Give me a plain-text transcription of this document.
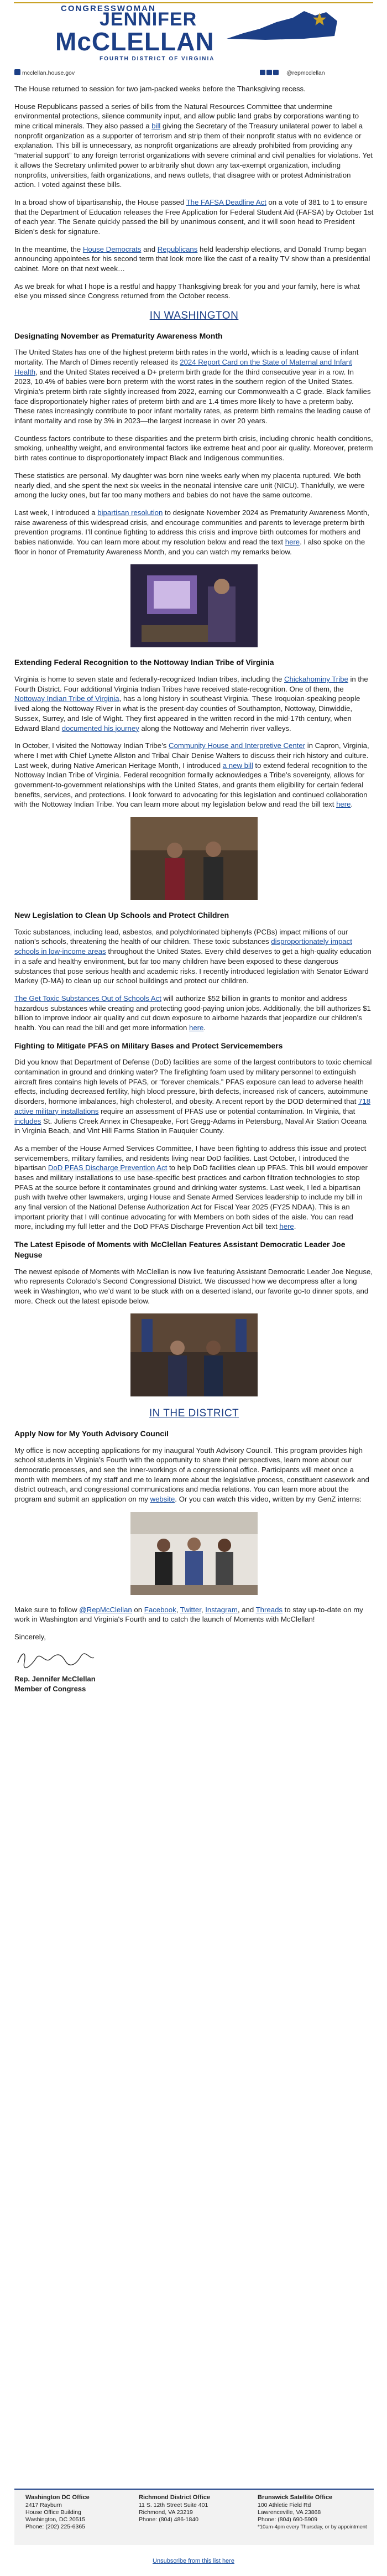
CONGRESSWOMAN
JENNIFER
McCLELLAN
FOURTH DISTRICT OF VIRGINIA
mcclellan.house.gov	@repmcclellan

The House returned to session for two jam-packed weeks before the Thanksgiving recess.

House Republicans passed a series of bills from the Natural Resources Committee that undermine environmental protections, silence community input, and allow public land grabs by corporations wanting to mine critical minerals. They also passed a bill giving the Secretary of the Treasury unilateral power to label a nonprofit organization as a supporter of terrorism and strip them of their nonprofit status with no evidence or explanation. This bill is unnecessary, as nonprofit organizations are already prohibited from providing any “material support” to any foreign terrorist organizations with severe criminal and civil penalties for violations. Yet it allows the Secretary unlimited power to arbitrarily shut down any tax-exempt organization, including nonprofits, universities, faith organizations, and news outlets, that disagree with or protest Administration action. I voted against these bills.

In a broad show of bipartisanship, the House passed The FAFSA Deadline Act on a vote of 381 to 1 to ensure that the Department of Education releases the Free Application for Federal Student Aid (FAFSA) by October 1st of each year. The Senate quickly passed the bill by unanimous consent, and it will soon head to President Biden’s desk for signature.

In the meantime, the House Democrats and Republicans held leadership elections, and Donald Trump began announcing appointees for his second term that look more like the cast of a reality TV show than a presidential cabinet. More on that next week…

As we break for what I hope is a restful and happy Thanksgiving break for you and your family, here is what else you missed since Congress returned from the October recess.

IN WASHINGTON
Designating November as Prematurity Awareness Month

The United States has one of the highest preterm birth rates in the world, which is a leading cause of infant mortality. The March of Dimes recently released its 2024 Report Card on the State of Maternal and Infant Health, and the United States received a D+ preterm birth grade for the third consecutive year in a row. In 2023, 10.4% of babies were born preterm with the worst rates in the southern region of the United States. Virginia’s preterm birth rate slightly increased from 2022, earning our Commonwealth a C grade. Black families face disproportionately higher rates of preterm birth and are 1.4 times more likely to have a preterm baby. These rates increasingly contribute to poor infant mortality rates, as preterm birth remains the leading cause of infant mortality and rose by 3% in 2023—the largest increase in over 20 years.

Countless factors contribute to these disparities and the preterm birth crisis, including chronic health conditions, smoking, unhealthy weight, and environmental factors like extreme heat and poor air quality. Moreover, preterm birth rates continue to disproportionately impact Black and Indigenous communities.

These statistics are personal. My daughter was born nine weeks early when my placenta ruptured. We both nearly died, and she spent the next six weeks in the neonatal intensive care unit (NICU). Thankfully, we were among the lucky ones, but far too many mothers and babies do not have the same outcome.

Last week, I introduced a bipartisan resolution to designate November 2024 as Prematurity Awareness Month, raise awareness of this widespread crisis, and encourage communities and parents to leverage preterm birth prevention programs. I’ll continue fighting to address this crisis and improve birth outcomes for mothers and babies nationwide. You can learn more about my resolution below and read the text here. I also spoke on the floor in honor of Prematurity Awareness Month, and you can watch my remarks below.

Extending Federal Recognition to the Nottoway Indian Tribe of Virginia

Virginia is home to seven state and federally-recognized Indian tribes, including the Chickahominy Tribe in the Fourth District. Four additional Virginia Indian Tribes have received state-recognition. One of them, the Nottoway Indian Tribe of Virginia, has a long history in southeast Virginia. These Iroquoian-speaking people lived along the Nottoway River in what is the present-day counties of Southampton, Nottoway, Dinwiddie, Sussex, Surrey, and Isle of Wight. They first appeared in the written record in the mid-17th century, when Edward Bland documented his journey along the Nottoway and Meherrin river valleys.

In October, I visited the Nottoway Indian Tribe’s Community House and Interpretive Center in Capron, Virginia, where I met with Chief Lynette Allston and Tribal Chair Denise Walters to discuss their rich history and culture. Last week, during Native American Heritage Month, I introduced a new bill to extend federal recognition to the Nottoway Indian Tribe of Virginia. Federal recognition formally acknowledges a Tribe’s sovereignty, allows for government-to-government relationships with the United States, and grants them eligibility for certain federal benefits, services, and protections. I look forward to advocating for this legislation and continued collaboration with the Nottoway Indian Tribe. You can learn more about my legislation below and read the bill text here.

New Legislation to Clean Up Schools and Protect Children

Toxic substances, including lead, asbestos, and polychlorinated biphenyls (PCBs) impact millions of our nation’s schools, threatening the health of our children. These toxic substances disproportionately impact schools in low-income areas throughout the United States. Every child deserves to get a high-quality education in a safe and healthy environment, but far too many children have been exposed to these dangerous substances that pose serious health and academic risks. I recently introduced legislation with Senator Edward Markey (D-MA) to clean up our school buildings and protect our children.

The Get Toxic Substances Out of Schools Act will authorize $52 billion in grants to monitor and address hazardous substances while creating and protecting good-paying union jobs. Additionally, the bill authorizes $1 billion to improve indoor air quality and cut down exposure to airborne hazards that jeopardize our children’s health. You can read the bill and get more information here.

Fighting to Mitigate PFAS on Military Bases and Protect Servicemembers

Did you know that Department of Defense (DoD) facilities are some of the largest contributors to toxic chemical contamination in ground and drinking water? The firefighting foam used by military personnel to extinguish aircraft fires contains high levels of PFAS, or “forever chemicals.” PFAS exposure can lead to adverse health effects, including decreased fertility, high blood pressure, birth defects, increased risk of cancers, autoimmune disorders, hormone imbalances, high cholesterol, and obesity. A recent report by the DOD determined that 718 active military installations require an assessment of PFAS use or potential contamination. In Virginia, that includes St. Juliens Creek Annex in Chesapeake, Fort Gregg-Adams in Petersburg, Naval Air Station Oceana in Virginia Beach, and Vint Hill Farms Station in Fauquier County.

As a member of the House Armed Services Committee, I have been fighting to address this issue and protect servicemembers, military families, and residents living near DoD facilities. Last October, I introduced the bipartisan DoD PFAS Discharge Prevention Act to help DoD facilities clean up PFAS. This bill would empower bases and military installations to use base-specific best practices and carbon filtration technologies to stop PFAS at the source before it contaminates ground and drinking water systems. Last week, I led a bipartisan push with twelve other lawmakers, urging House and Senate Armed Services leadership to include my bill in any final version of the National Defense Authorization Act for Fiscal Year 2025 (FY25 NDAA). This is an important priority that I will continue advocating for with Members on both sides of the aisle. You can read more, including my full letter and the DoD PFAS Discharge Prevention Act bill text here.

The Latest Episode of Moments with McClellan Features Assistant Democratic Leader Joe Neguse

The newest episode of Moments with McClellan is now live featuring Assistant Democratic Leader Joe Neguse, who represents Colorado’s Second Congressional District. We discussed how we decompress after a long week in Washington, who we’d want to be stuck with on a deserted island, our favorite go-to dinner spots, and more. Check out the latest episode below.

IN THE DISTRICT
Apply Now for My Youth Advisory Council

My office is now accepting applications for my inaugural Youth Advisory Council. This program provides high school students in Virginia’s Fourth with the opportunity to share their perspectives, learn more about our democratic processes, and see the inner-workings of a congressional office. Participants will meet once a month with members of my staff and me to learn more about the legislative process, constituent casework and district outreach, and congressional communications and media relations. You can learn more about the program and submit an application on my website. Or you can watch this video, written by my GenZ interns:

Make sure to follow @RepMcClellan on Facebook, Twitter, Instagram, and Threads to stay up-to-date on my work in Washington and Virginia's Fourth and to catch the launch of Moments with McClellan!

Sincerely,
Rep. Jennifer McClellan
Member of Congress
Washington DC Office
2417 Rayburn
House Office Building
Washington, DC 20515
Phone: (202) 225-6365
Richmond District Office
11 S. 12th Street Suite 401
Richmond, VA 23219
Phone: (804) 486-1840
Brunswick Satellite Office
100 Athletic Field Rd
Lawrenceville, VA 23868
Phone: (804) 690-5909
*10am-4pm every Thursday, or by appointment
Unsubscribe from this list here
